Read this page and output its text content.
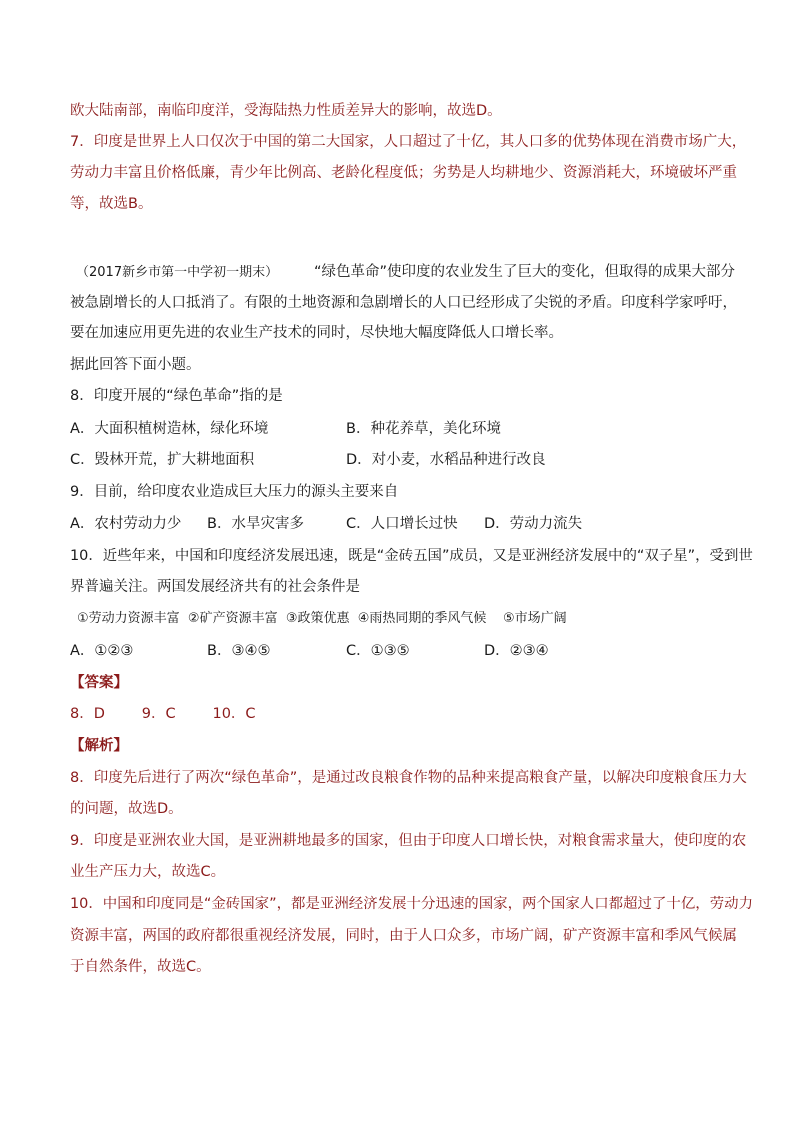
欧大陆南部，南临印度洋，受海陆热力性质差异大的影响，故选D。
7．印度是世界上人口仅次于中国的第二大国家，人口超过了十亿，其人口多的优势体现在消费市场广大，
劳动力丰富且价格低廉，青少年比例高、老龄化程度低；劣势是人均耕地少、资源消耗大，环境破坏严重
等，故选B。
（2017新乡市第一中学初一期末） “绿色革命”使印度的农业发生了巨大的变化，但取得的成果大部分
被急剧增长的人口抵消了。有限的土地资源和急剧增长的人口已经形成了尖锐的矛盾。印度科学家呼吁，
要在加速应用更先进的农业生产技术的同时，尽快地大幅度降低人口增长率。
据此回答下面小题。
8．印度开展的“绿色革命”指的是
A．大面积植树造林，绿化环境	B．种花养草，美化环境
C．毁林开荒，扩大耕地面积	D．对小麦，水稻品种进行改良
9．目前，给印度农业造成巨大压力的源头主要来自
A．农村劳动力少 B．水旱灾害多	C．人口增长过快 D．劳动力流失
10．近些年来，中国和印度经济发展迅速，既是“金砖五国”成员，又是亚洲经济发展中的“双子星”，受到世
界普遍关注。两国发展经济共有的社会条件是
①劳动力资源丰富  ②矿产资源丰富  ③政策优惠  ④雨热同期的季风气候    ⑤市场广阔
A．①②③	B．③④⑤	C．①③⑤	D．②③④
【答案】
8．D        9．C        10．C
【解析】
8．印度先后进行了两次“绿色革命”，是通过改良粮食作物的品种来提高粮食产量，以解决印度粮食压力大
的问题，故选D。
9．印度是亚洲农业大国，是亚洲耕地最多的国家，但由于印度人口增长快，对粮食需求量大，使印度的农
业生产压力大，故选C。
10．中国和印度同是“金砖国家”，都是亚洲经济发展十分迅速的国家，两个国家人口都超过了十亿，劳动力
资源丰富，两国的政府都很重视经济发展，同时，由于人口众多，市场广阔，矿产资源丰富和季风气候属
于自然条件，故选C。
